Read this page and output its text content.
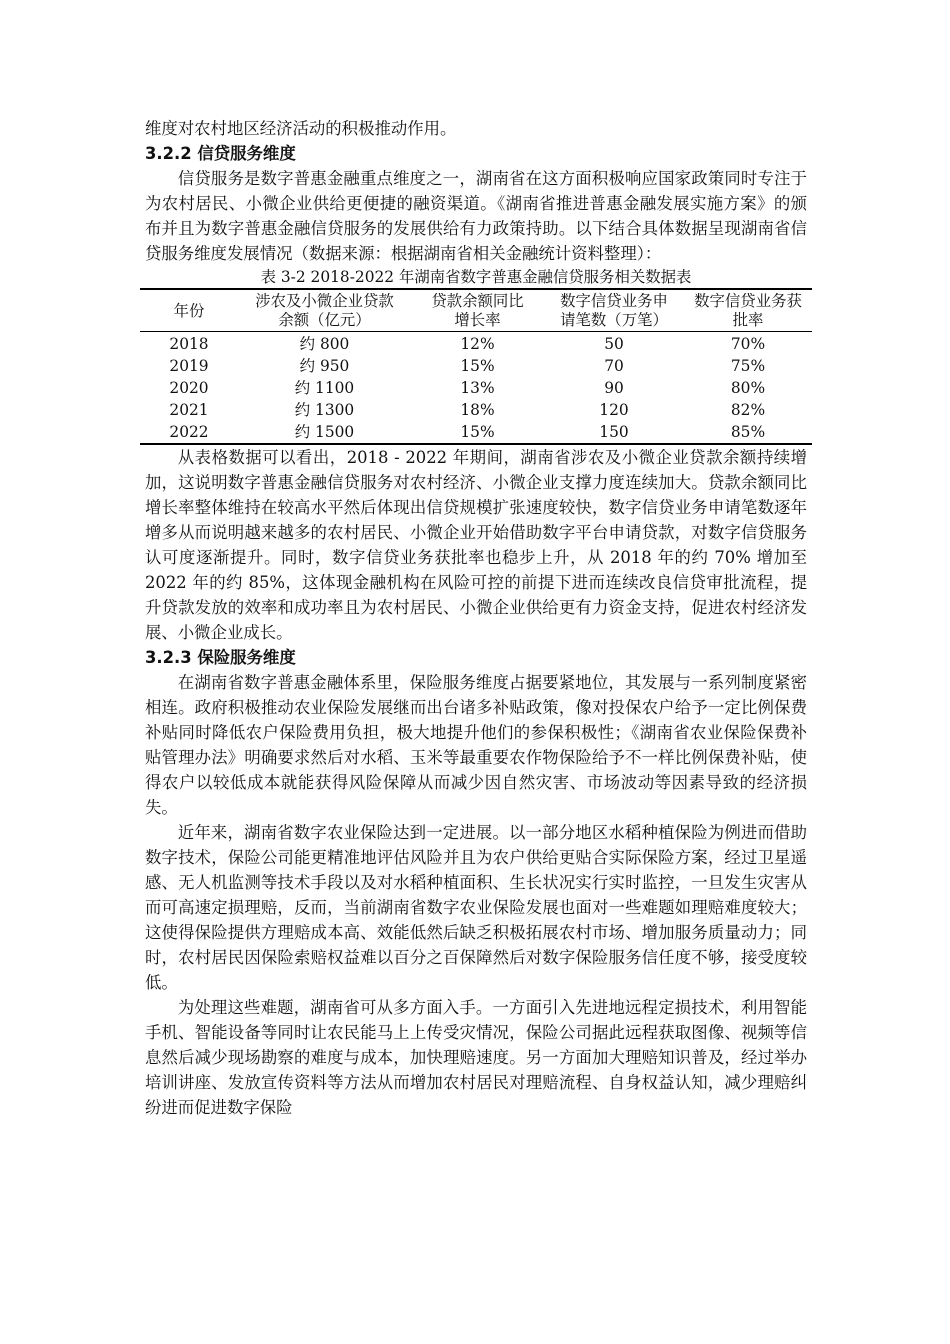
维度对农村地区经济活动的积极推动作用。

3.2.2 信贷服务维度

信贷服务是数字普惠金融重点维度之一，湖南省在这方面积极响应国家政策同时专注于为农村居民、小微企业供给更便捷的融资渠道。《湖南省推进普惠金融发展实施方案》的颁布并且为数字普惠金融信贷服务的发展供给有力政策持助。以下结合具体数据呈现湖南省信贷服务维度发展情况（数据来源：根据湖南省相关金融统计资料整理）：

表 3-2 2018-2022 年湖南省数字普惠金融信贷服务相关数据表
年份	涉农及小微企业贷款余额（亿元）	贷款余额同比增长率	数字信贷业务申请笔数（万笔）	数字信贷业务获批率
2018	约 800	12%	50	70%
2019	约 950	15%	70	75%
2020	约 1100	13%	90	80%
2021	约 1300	18%	120	82%
2022	约 1500	15%	150	85%

从表格数据可以看出，2018 - 2022 年期间，湖南省涉农及小微企业贷款余额持续增加，这说明数字普惠金融信贷服务对农村经济、小微企业支撑力度连续加大。贷款余额同比增长率整体维持在较高水平然后体现出信贷规模扩张速度较快，数字信贷业务申请笔数逐年增多从而说明越来越多的农村居民、小微企业开始借助数字平台申请贷款，对数字信贷服务认可度逐渐提升。同时，数字信贷业务获批率也稳步上升，从 2018 年的约 70% 增加至 2022 年的约 85%，这体现金融机构在风险可控的前提下进而连续改良信贷审批流程，提升贷款发放的效率和成功率且为农村居民、小微企业供给更有力资金支持，促进农村经济发展、小微企业成长。

3.2.3 保险服务维度

在湖南省数字普惠金融体系里，保险服务维度占据要紧地位，其发展与一系列制度紧密相连。政府积极推动农业保险发展继而出台诸多补贴政策，像对投保农户给予一定比例保费补贴同时降低农户保险费用负担，极大地提升他们的参保积极性；《湖南省农业保险保费补贴管理办法》明确要求然后对水稻、玉米等最重要农作物保险给予不一样比例保费补贴，使得农户以较低成本就能获得风险保障从而减少因自然灾害、市场波动等因素导致的经济损失。

近年来，湖南省数字农业保险达到一定进展。以一部分地区水稻种植保险为例进而借助数字技术，保险公司能更精准地评估风险并且为农户供给更贴合实际保险方案，经过卫星遥感、无人机监测等技术手段以及对水稻种植面积、生长状况实行实时监控，一旦发生灾害从而可高速定损理赔，反而，当前湖南省数字农业保险发展也面对一些难题如理赔难度较大；这使得保险提供方理赔成本高、效能低然后缺乏积极拓展农村市场、增加服务质量动力；同时，农村居民因保险索赔权益难以百分之百保障然后对数字保险服务信任度不够，接受度较低。

为处理这些难题，湖南省可从多方面入手。一方面引入先进地远程定损技术，利用智能手机、智能设备等同时让农民能马上上传受灾情况，保险公司据此远程获取图像、视频等信息然后减少现场勘察的难度与成本，加快理赔速度。另一方面加大理赔知识普及，经过举办培训讲座、发放宣传资料等方法从而增加农村居民对理赔流程、自身权益认知，减少理赔纠纷进而促进数字保险
